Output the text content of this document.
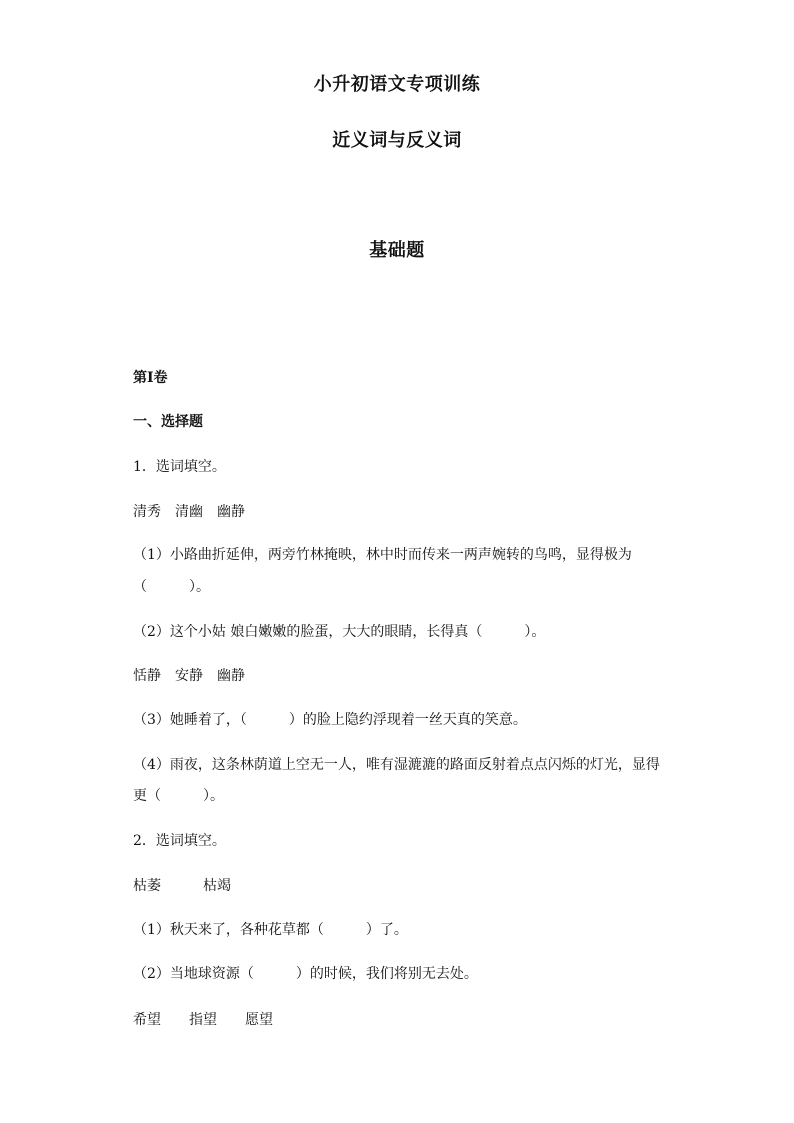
小升初语文专项训练
近义词与反义词
基础题
第Ⅰ卷
一、选择题
1．选词填空。
清秀　清幽　幽静
（1）小路曲折延伸，两旁竹林掩映，林中时而传来一两声婉转的鸟鸣，显得极为
（　　　）。
（2）这个小姑 娘白嫩嫩的脸蛋，大大的眼睛，长得真（　　　）。
恬静　安静　幽静
（3）她睡着了，（　　　）的脸上隐约浮现着一丝天真的笑意。
（4）雨夜，这条林荫道上空无一人，唯有湿漉漉的路面反射着点点闪烁的灯光，显得
更（　　　）。
2．选词填空。
枯萎　　　枯竭
（1）秋天来了，各种花草都（　　　）了。
（2）当地球资源（　　　）的时候，我们将别无去处。
希望　　指望　　愿望
